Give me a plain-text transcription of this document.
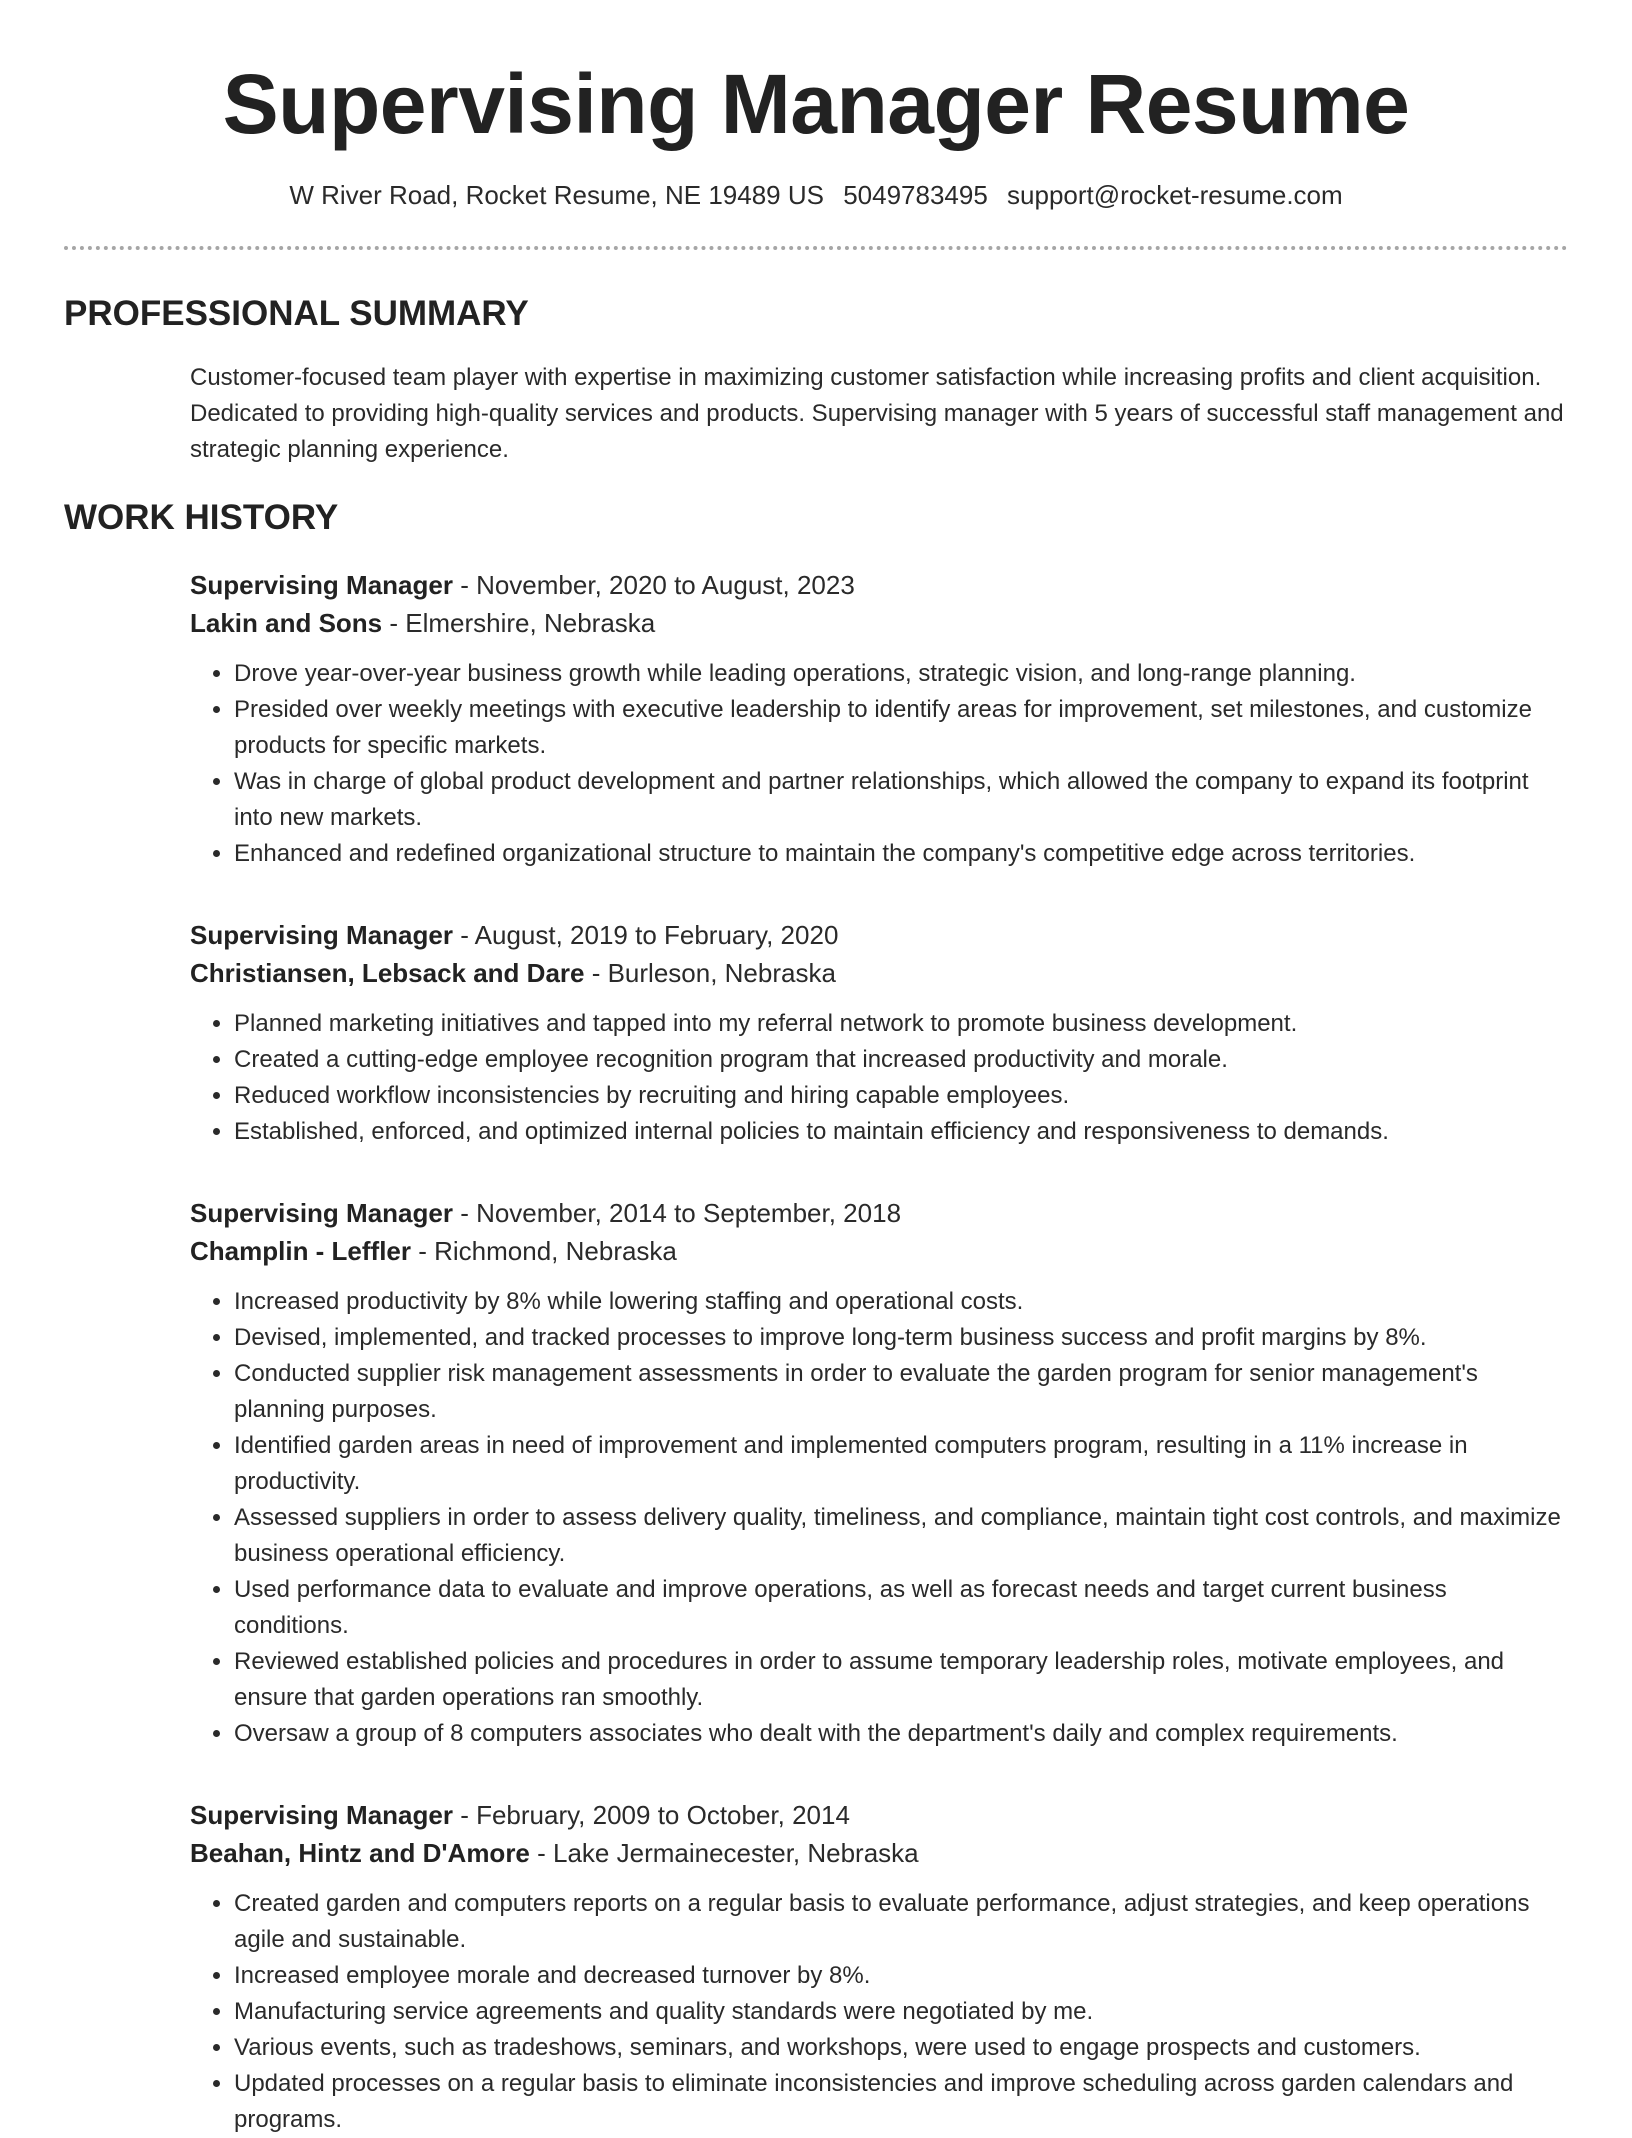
Supervising Manager Resume
W River Road, Rocket Resume, NE 19489 US 5049783495 support@rocket-resume.com
PROFESSIONAL SUMMARY
Customer-focused team player with expertise in maximizing customer satisfaction while increasing profits and client acquisition. Dedicated to providing high-quality services and products. Supervising manager with 5 years of successful staff management and strategic planning experience.
WORK HISTORY
Supervising Manager - November, 2020 to August, 2023
Lakin and Sons - Elmershire, Nebraska
• Drove year-over-year business growth while leading operations, strategic vision, and long-range planning.
• Presided over weekly meetings with executive leadership to identify areas for improvement, set milestones, and customize products for specific markets.
• Was in charge of global product development and partner relationships, which allowed the company to expand its footprint into new markets.
• Enhanced and redefined organizational structure to maintain the company's competitive edge across territories.
Supervising Manager - August, 2019 to February, 2020
Christiansen, Lebsack and Dare - Burleson, Nebraska
• Planned marketing initiatives and tapped into my referral network to promote business development.
• Created a cutting-edge employee recognition program that increased productivity and morale.
• Reduced workflow inconsistencies by recruiting and hiring capable employees.
• Established, enforced, and optimized internal policies to maintain efficiency and responsiveness to demands.
Supervising Manager - November, 2014 to September, 2018
Champlin - Leffler - Richmond, Nebraska
• Increased productivity by 8% while lowering staffing and operational costs.
• Devised, implemented, and tracked processes to improve long-term business success and profit margins by 8%.
• Conducted supplier risk management assessments in order to evaluate the garden program for senior management's planning purposes.
• Identified garden areas in need of improvement and implemented computers program, resulting in a 11% increase in productivity.
• Assessed suppliers in order to assess delivery quality, timeliness, and compliance, maintain tight cost controls, and maximize business operational efficiency.
• Used performance data to evaluate and improve operations, as well as forecast needs and target current business conditions.
• Reviewed established policies and procedures in order to assume temporary leadership roles, motivate employees, and ensure that garden operations ran smoothly.
• Oversaw a group of 8 computers associates who dealt with the department's daily and complex requirements.
Supervising Manager - February, 2009 to October, 2014
Beahan, Hintz and D'Amore - Lake Jermainecester, Nebraska
• Created garden and computers reports on a regular basis to evaluate performance, adjust strategies, and keep operations agile and sustainable.
• Increased employee morale and decreased turnover by 8%.
• Manufacturing service agreements and quality standards were negotiated by me.
• Various events, such as tradeshows, seminars, and workshops, were used to engage prospects and customers.
• Updated processes on a regular basis to eliminate inconsistencies and improve scheduling across garden calendars and programs.
